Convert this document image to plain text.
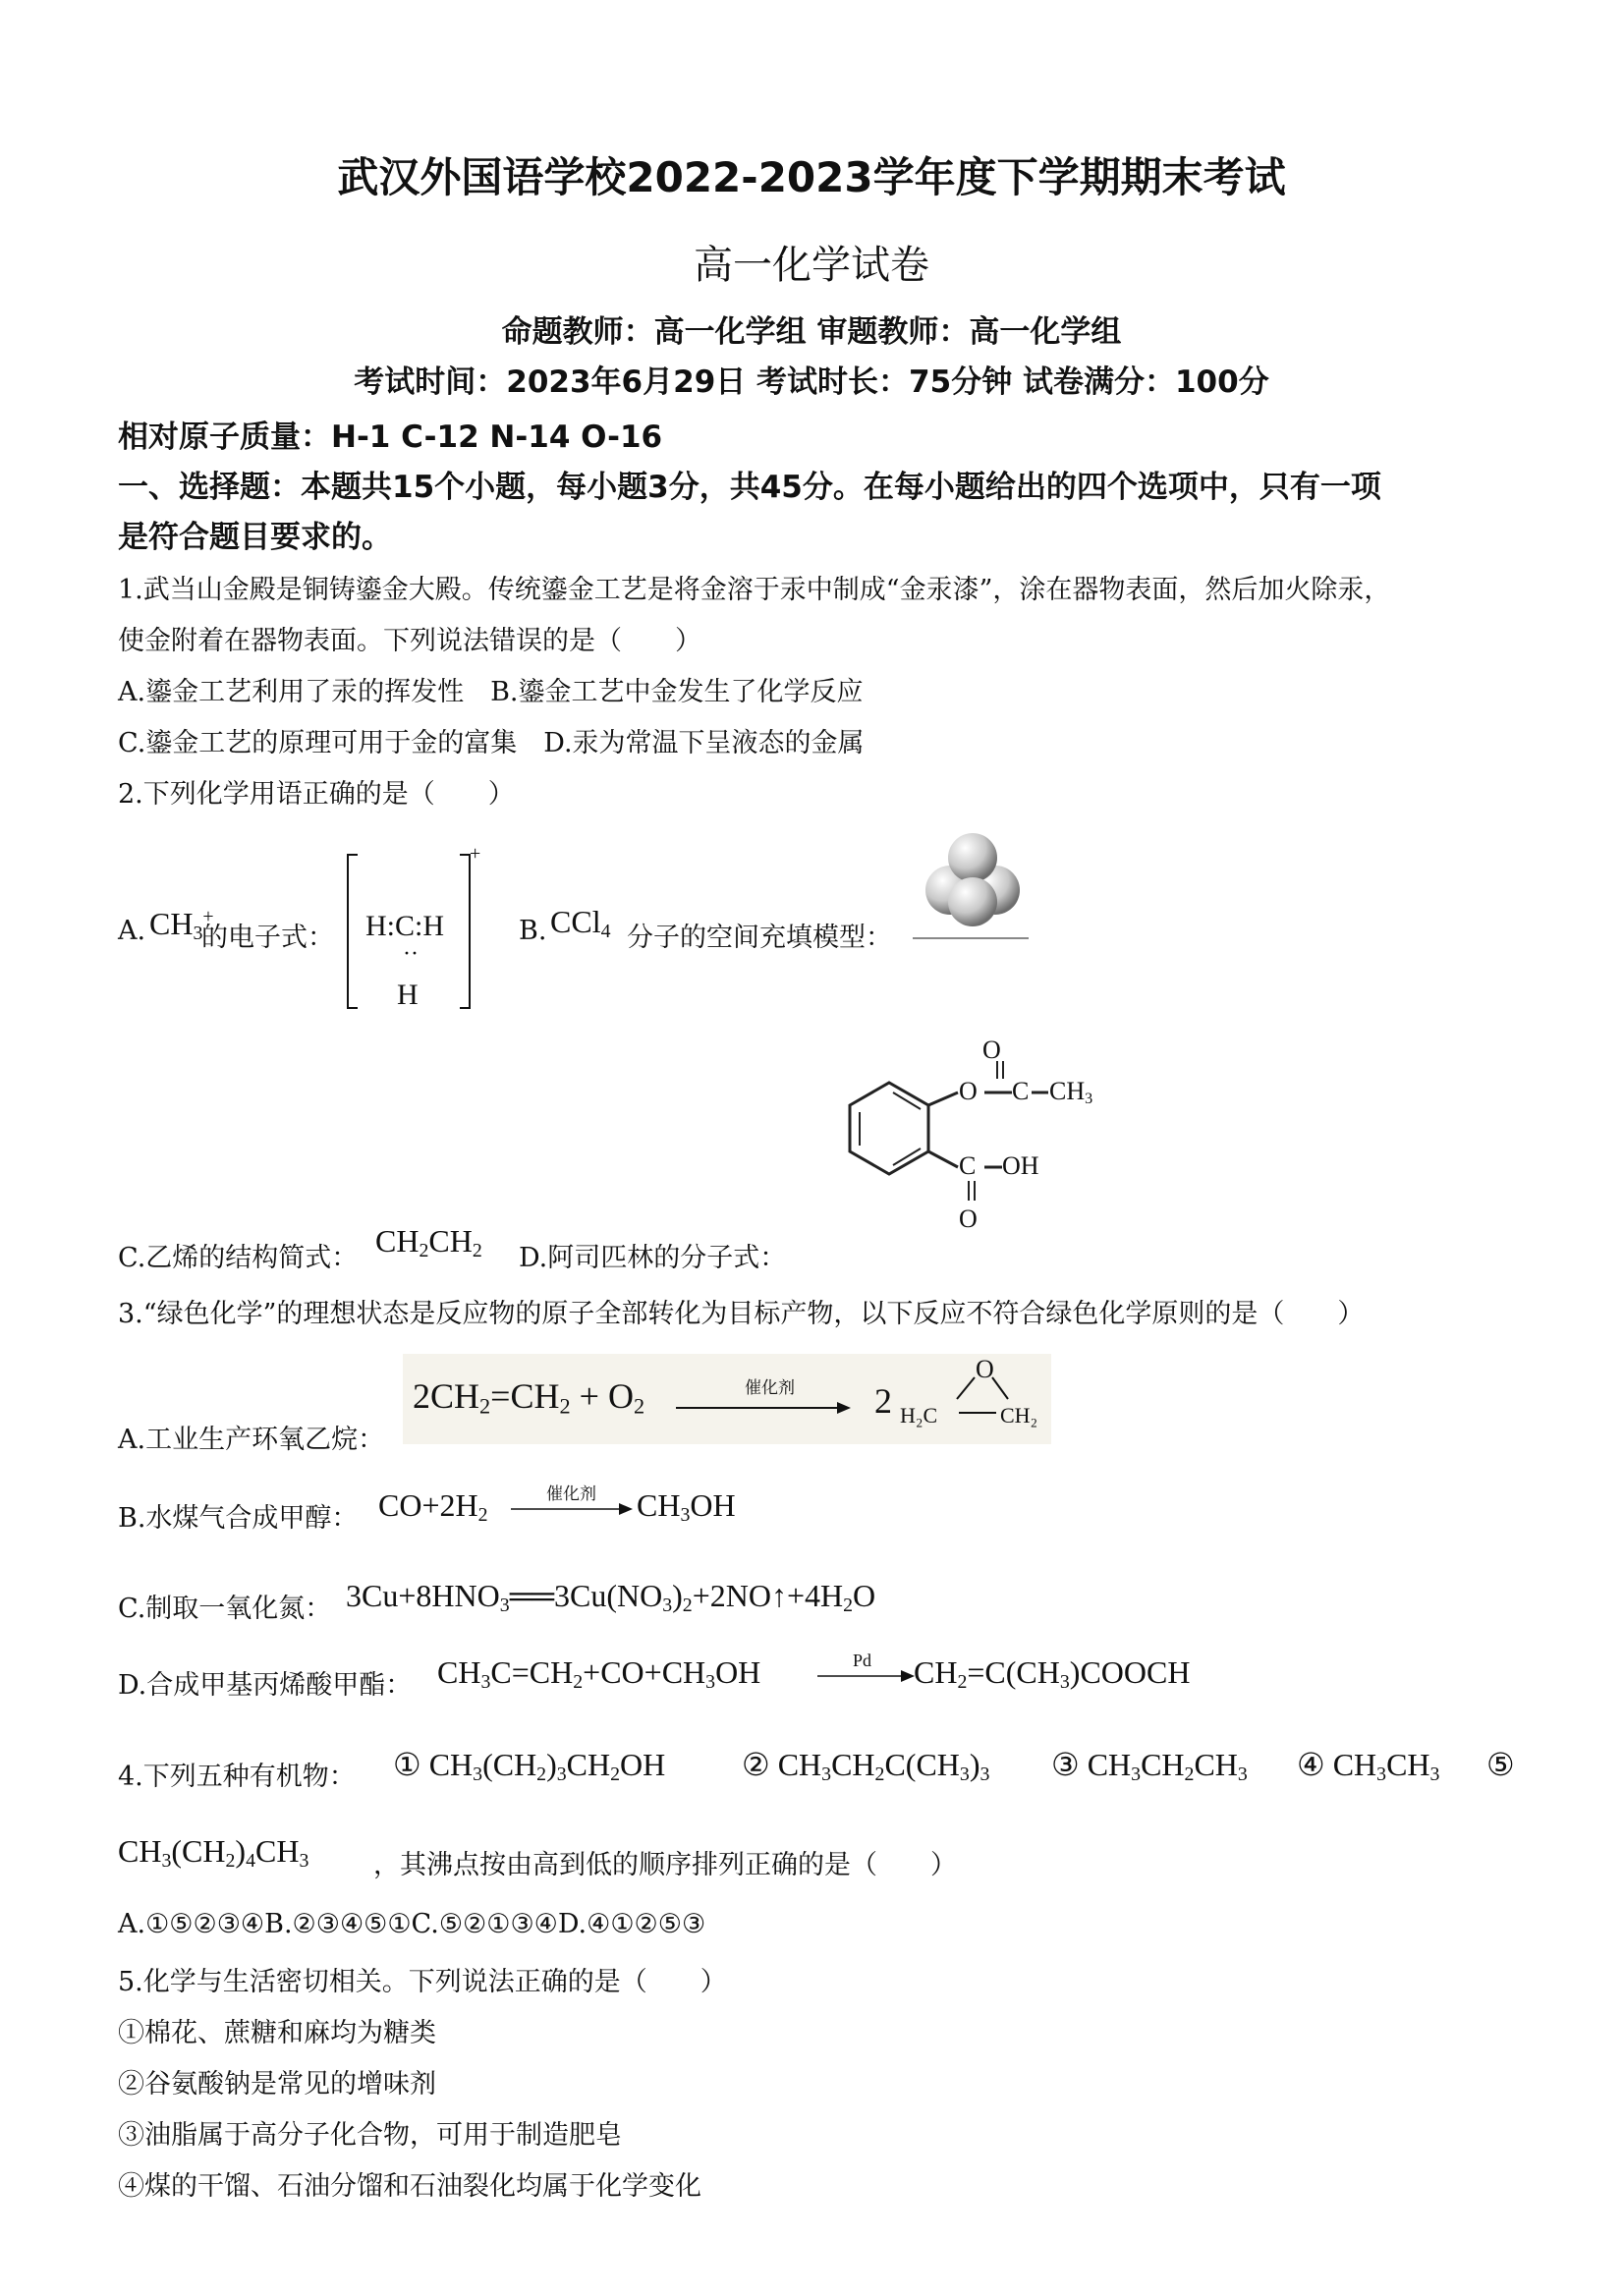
武汉外国语学校2022-2023学年度下学期期末考试
高一化学试卷
命题教师：高一化学组 审题教师：高一化学组
考试时间：2023年6月29日 考试时长：75分钟 试卷满分：100分
相对原子质量：H-1 C-12 N-14 O-16
一、选择题：本题共15个小题，每小题3分，共45分。在每小题给出的四个选项中，只有一项
是符合题目要求的。
1.武当山金殿是铜铸鎏金大殿。传统鎏金工艺是将金溶于汞中制成“金汞漆”，涂在器物表面，然后加火除汞，
使金附着在器物表面。下列说法错误的是（　　）
A.鎏金工艺利用了汞的挥发性　B.鎏金工艺中金发生了化学反应
C.鎏金工艺的原理可用于金的富集　D.汞为常温下呈液态的金属
2.下列化学用语正确的是（　　）
A. $CH_3^+$
的电子式： H:C:H
··
H
+
B. CCl$_4$ 分子的空间充填模型：
C.乙烯的结构简式： $CH_2CH_2$ D.阿司匹林的分子式：
O
O C $CH_3$
C OH
O
3.“绿色化学”的理想状态是反应物的原子全部转化为目标产物，以下反应不符合绿色化学原则的是（　　）
A.工业生产环氧乙烷：
$2CH_2=CH_2 + O_2$
催化剂 2
O
H₂C	CH₂
B.水煤气合成甲醇： $CO+2H_2$
催化剂 $CH_3OH$
C.制取一氧化氮： $3Cu+8HNO_3══3Cu(NO_3)_2+2NO↑+4H_2O$
D.合成甲基丙烯酸甲酯： $CH_3C=CH_2+CO+CH_3OH$	Pd $CH_2=C(CH_3)COOCH$
4.下列五种有机物： ① $CH_3(CH_2)_3CH_2OH$ ② $CH_3CH_2C(CH_3)_3$ ③ $CH_3CH_2CH_3$ ④ $CH_3CH_3$ ⑤
$CH_3(CH_2)_4CH_3$ ，其沸点按由高到低的顺序排列正确的是（　　）
A.①⑤②③④B.②③④⑤①C.⑤②①③④D.④①②⑤③
5.化学与生活密切相关。下列说法正确的是（　　）
①棉花、蔗糖和麻均为糖类
②谷氨酸钠是常见的增味剂
③油脂属于高分子化合物，可用于制造肥皂
④煤的干馏、石油分馏和石油裂化均属于化学变化
